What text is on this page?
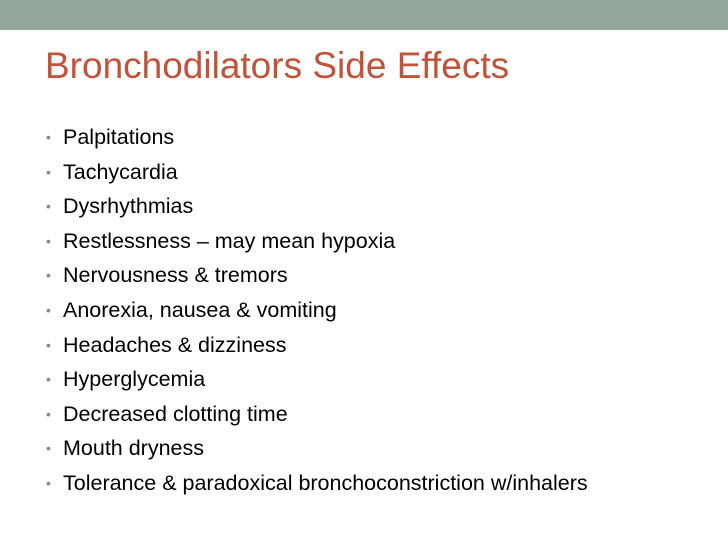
Bronchodilators Side Effects
• Palpitations
• Tachycardia
• Dysrhythmias
• Restlessness – may mean hypoxia
• Nervousness & tremors
• Anorexia, nausea & vomiting
• Headaches & dizziness
• Hyperglycemia
• Decreased clotting time
• Mouth dryness
• Tolerance & paradoxical bronchoconstriction w/inhalers
